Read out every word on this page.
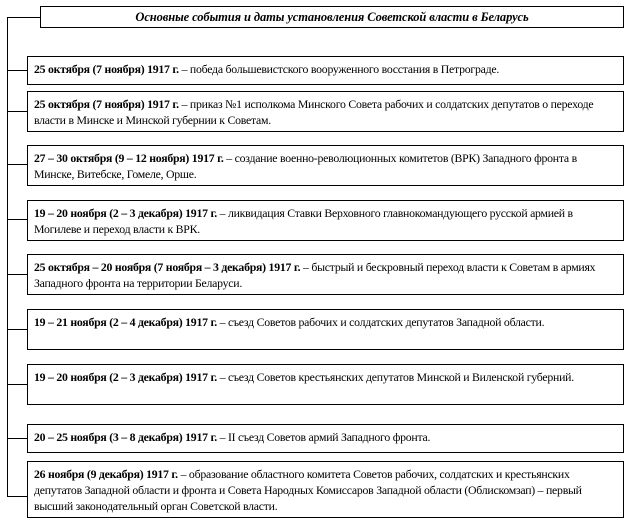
Основные события и даты установления Советской власти в Беларусь
25 октября (7 ноября) 1917 г. – победа большевистского вооруженного восстания в Петрограде.
25 октября (7 ноября) 1917 г. – приказ №1 исполкома Минского Совета рабочих и солдатских депутатов о переходе власти в Минске и Минской губернии к Советам.
27 – 30 октября (9 – 12 ноября) 1917 г. – создание военно-революционных комитетов (ВРК) Западного фронта в Минске, Витебске, Гомеле, Орше.
19 – 20 ноября (2 – 3 декабря) 1917 г. – ликвидация Ставки Верховного главнокомандующего русской армией в Могилеве и переход власти к ВРК.
25 октября – 20 ноября (7 ноября – 3 декабря) 1917 г. – быстрый и бескровный переход власти к Советам в армиях Западного фронта на территории Беларуси.
19 – 21 ноября (2 – 4 декабря) 1917 г. – съезд Советов рабочих и солдатских депутатов Западной области.
19 – 20 ноября (2 – 3 декабря) 1917 г. – съезд Советов крестьянских депутатов Минской и Виленской губерний.
20 – 25 ноября (3 – 8 декабря) 1917 г. – II съезд Советов армий Западного фронта.
26 ноября (9 декабря) 1917 г. – образование областного комитета Советов рабочих, солдатских и крестьянских депутатов Западной области и фронта и Совета Народных Комиссаров Западной области (Облискомзап) – первый высший законодательный орган Советской власти.
